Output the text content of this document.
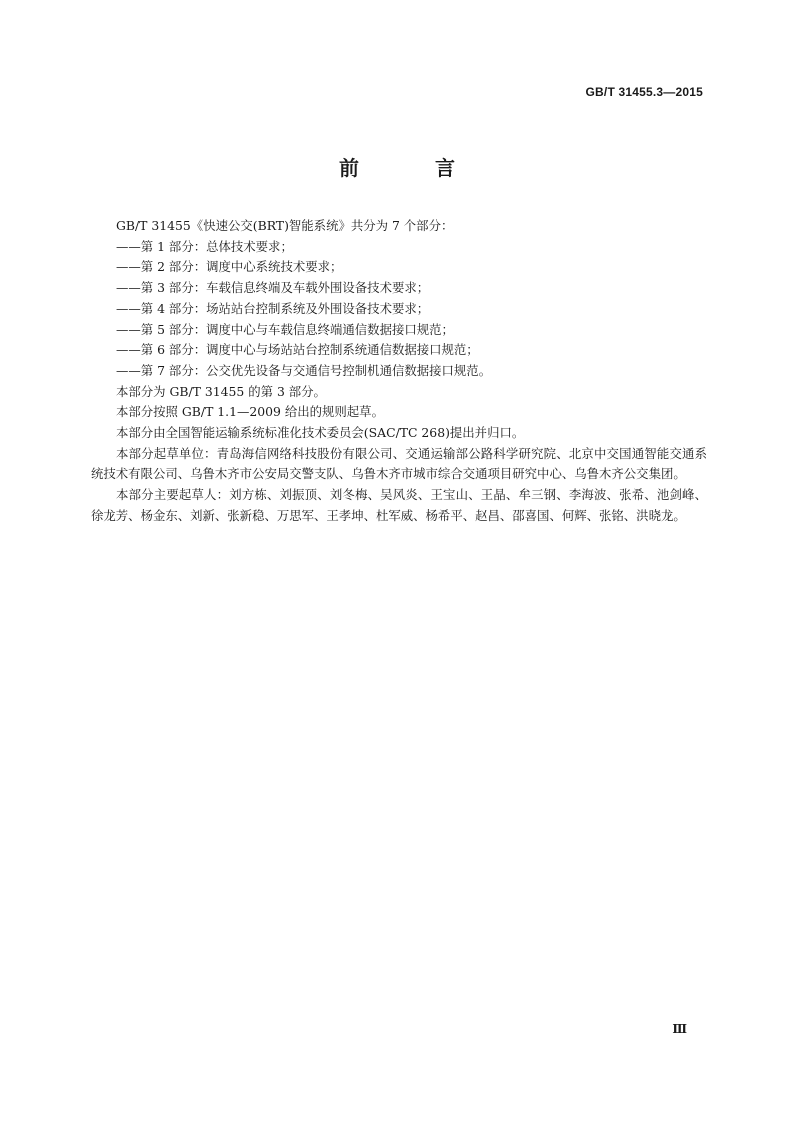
GB/T 31455.3—2015
前　言

GB/T 31455《快速公交(BRT)智能系统》共分为 7 个部分：

——第 1 部分：总体技术要求；

——第 2 部分：调度中心系统技术要求；

——第 3 部分：车载信息终端及车载外围设备技术要求；

——第 4 部分：场站站台控制系统及外围设备技术要求；

——第 5 部分：调度中心与车载信息终端通信数据接口规范；

——第 6 部分：调度中心与场站站台控制系统通信数据接口规范；

——第 7 部分：公交优先设备与交通信号控制机通信数据接口规范。

本部分为 GB/T 31455 的第 3 部分。

本部分按照 GB/T 1.1—2009 给出的规则起草。

本部分由全国智能运输系统标准化技术委员会(SAC/TC 268)提出并归口。

本部分起草单位：青岛海信网络科技股份有限公司、交通运输部公路科学研究院、北京中交国通智能交通系统技术有限公司、乌鲁木齐市公安局交警支队、乌鲁木齐市城市综合交通项目研究中心、乌鲁木齐公交集团。

本部分主要起草人：刘方栋、刘振顶、刘冬梅、吴风炎、王宝山、王晶、牟三钢、李海波、张希、池剑峰、徐龙芳、杨金东、刘新、张新稳、万思军、王孝坤、杜军威、杨希平、赵昌、邵喜国、何辉、张铭、洪晓龙。

Ⅲ
